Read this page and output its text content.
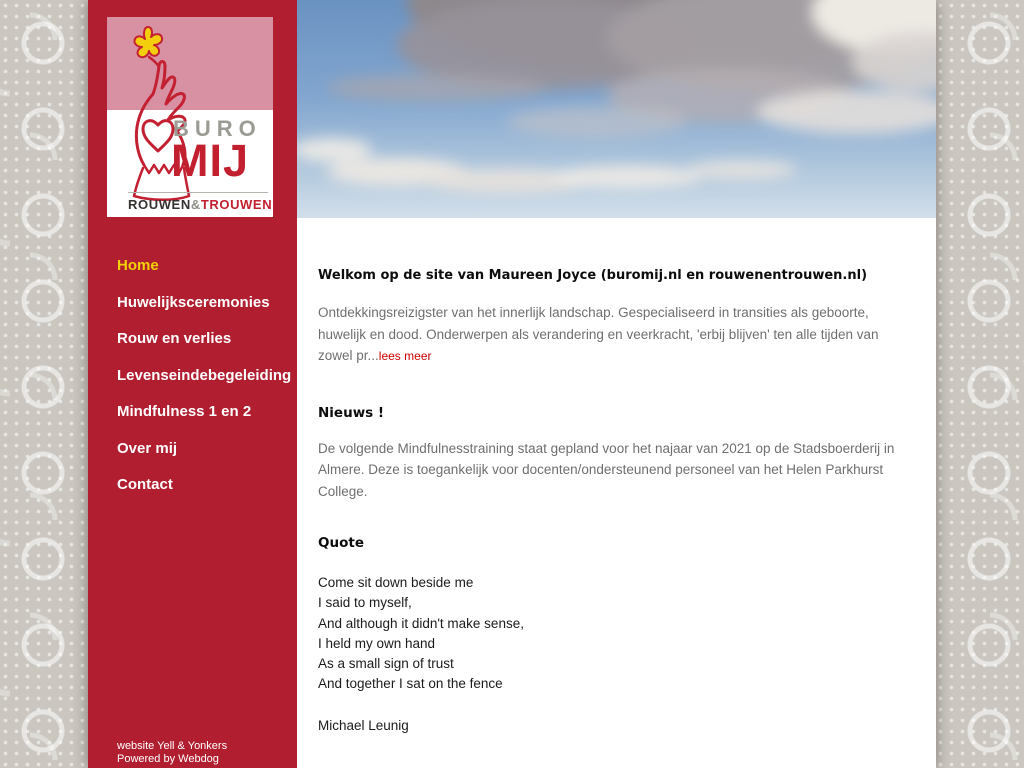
BURO
MIJ
ROUWEN&TROUWEN
Home
Huwelijksceremonies
Rouw en verlies
Levenseindebegeleiding
Mindfulness 1 en 2
Over mij
Contact
website Yell & Yonkers
Powered by Webdog
Welkom op de site van Maureen Joyce (buromij.nl en rouwenentrouwen.nl)

Ontdekkingsreizigster van het innerlijk landschap. Gespecialiseerd in transities als geboorte, huwelijk en dood. Onderwerpen als verandering en veerkracht, 'erbij blijven' ten alle tijden van zowel pr...lees meer

Nieuws !

De volgende Mindfulnesstraining staat gepland voor het najaar van 2021 op de Stadsboerderij in Almere. Deze is toegankelijk voor docenten/ondersteunend personeel van het Helen Parkhurst College.

Quote
Come sit down beside me
I said to myself,
And although it didn't make sense,
I held my own hand
As a small sign of trust
And together I sat on the fence
Michael Leunig
